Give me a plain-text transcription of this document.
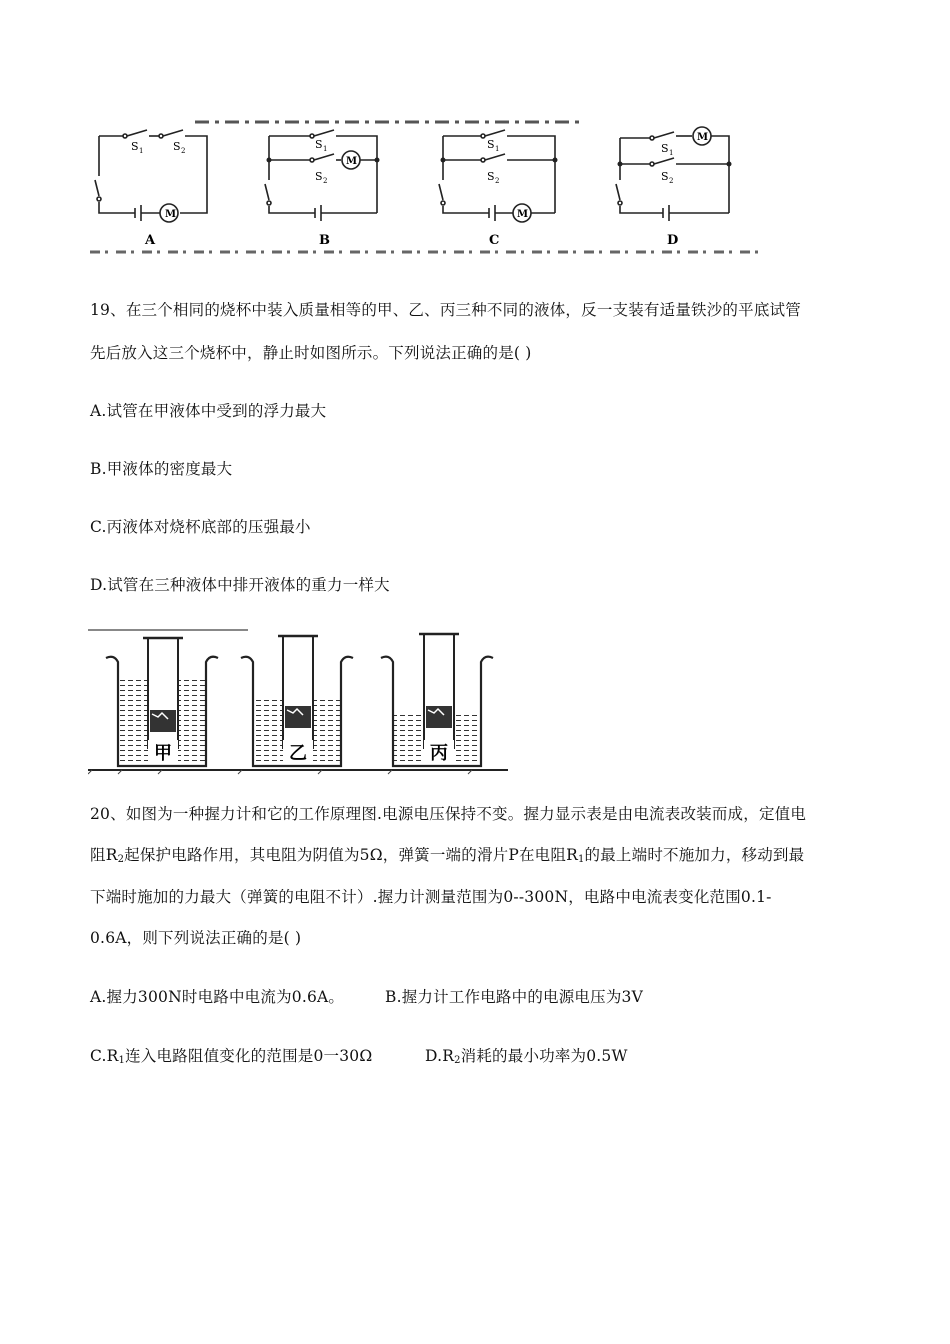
S 1	S 2
M
S 1
S 2
M
S 1
S 2
M
S 1
S 2
M
A	B	C	D
19、在三个相同的烧杯中装入质量相等的甲、乙、丙三种不同的液体，反一支装有适量铁沙的平底试管
先后放入这三个烧杯中，静止时如图所示。下列说法正确的是( )
A.试管在甲液体中受到的浮力最大
B.甲液体的密度最大
C.丙液体对烧杯底部的压强最小
D.试管在三种液体中排开液体的重力一样大
甲	乙	丙
20、如图为一种握力计和它的工作原理图.电源电压保持不变。握力显示表是由电流表改装而成，定值电
阻$R_2$起保护电路作用，其电阻为阴值为5Ω，弹簧一端的滑片P在电阻$R_1$的最上端时不施加力，移动到最
下端时施加的力最大（弹簧的电阻不计）.握力计测量范围为0--300N，电路中电流表变化范围0.1-
0.6A，则下列说法正确的是( )
A.握力300N时电路中电流为0.6A。	B.握力计工作电路中的电源电压为3V
$C.R_1$连入电路阻值变化的范围是0一30Ω	$D.R_2$消耗的最小功率为0.5W
